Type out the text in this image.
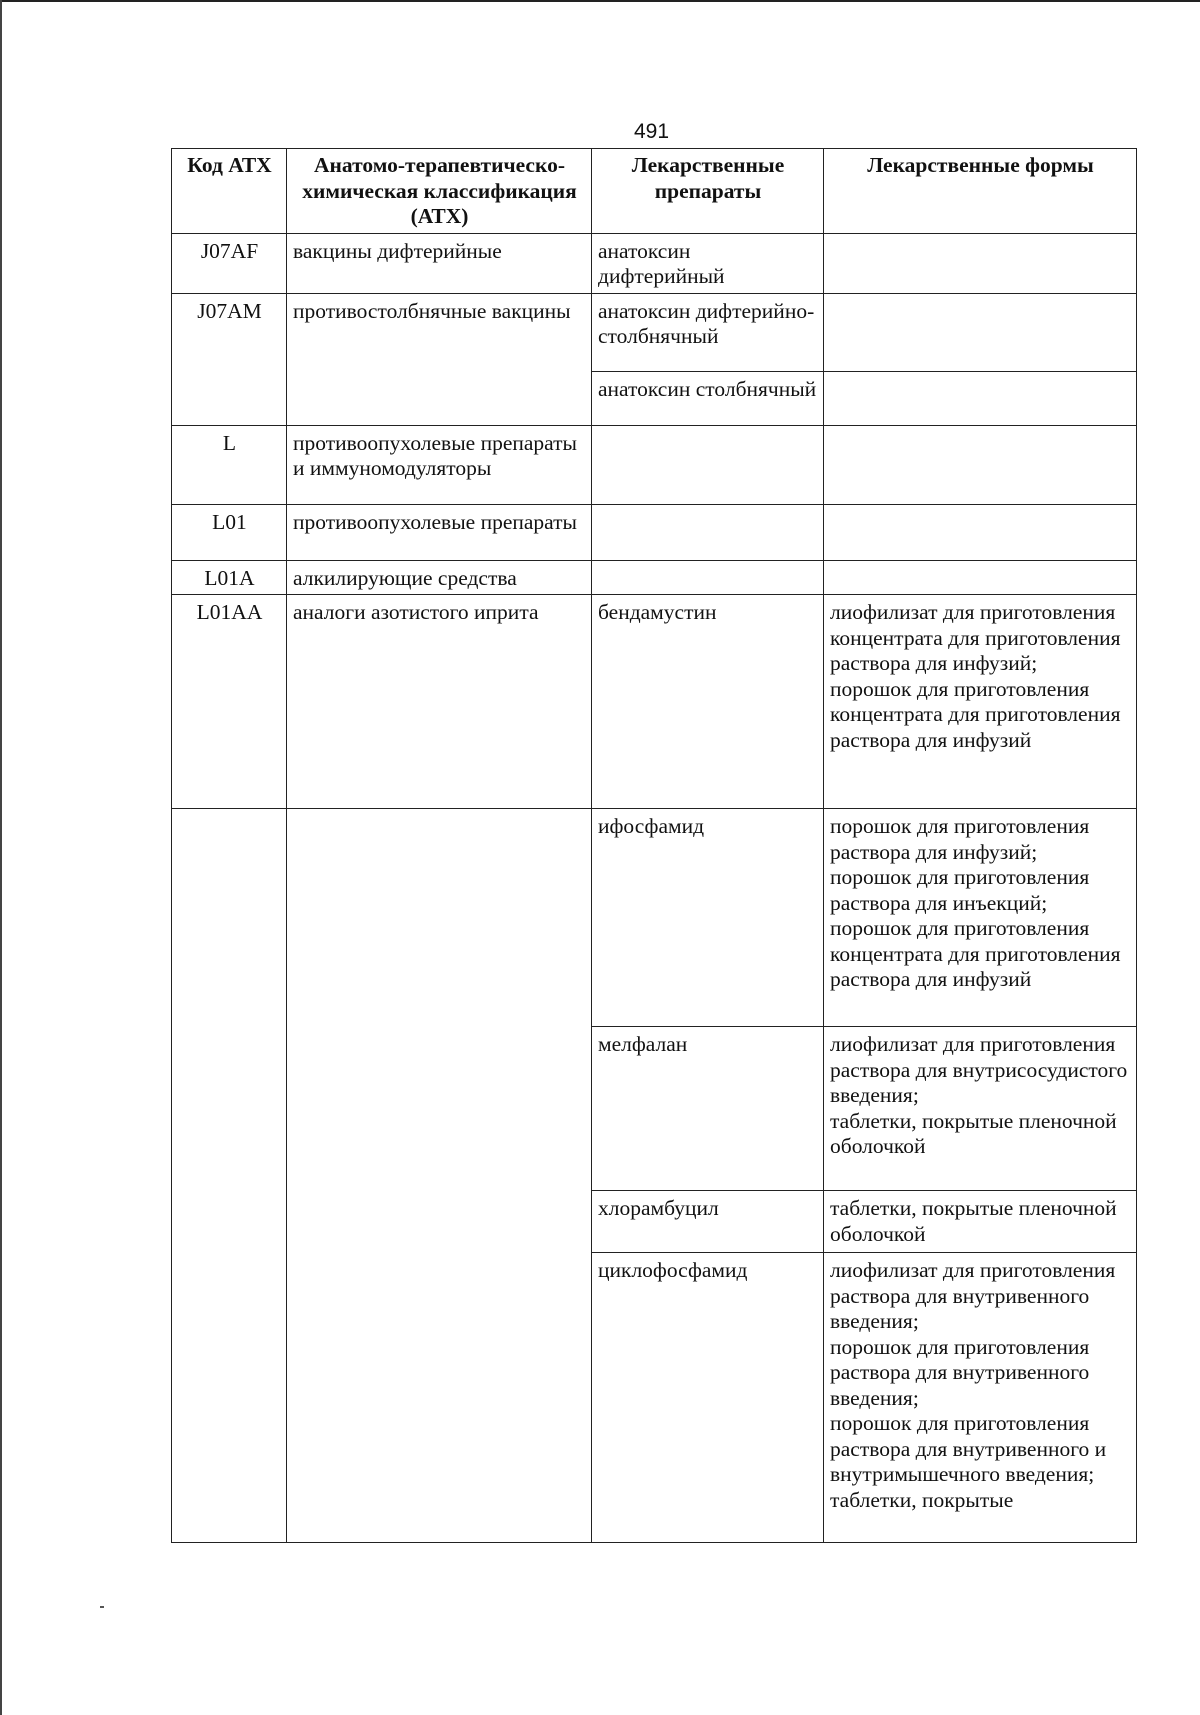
491
Код АТХ	Анатомо-терапевтическо-химическая классификация (АТХ)	Лекарственные препараты	Лекарственные формы
J07AF	вакцины дифтерийные	анатоксин дифтерийный	
J07AM	противостолбнячные вакцины	анатоксин дифтерийно-столбнячный	
		анатоксин столбнячный	
L	противоопухолевые препараты и иммуномодуляторы		
L01	противоопухолевые препараты		
L01A	алкилирующие средства		
L01AA	аналоги азотистого иприта	бендамустин	лиофилизат для приготовления концентрата для приготовления раствора для инфузий;
порошок для приготовления концентрата для приготовления раствора для инфузий
		ифосфамид	порошок для приготовления раствора для инфузий;
порошок для приготовления раствора для инъекций;
порошок для приготовления концентрата для приготовления раствора для инфузий
		мелфалан	лиофилизат для приготовления раствора для внутрисосудистого введения;
таблетки, покрытые пленочной оболочкой
		хлорамбуцил	таблетки, покрытые пленочной оболочкой
		циклофосфамид	лиофилизат для приготовления раствора для внутривенного введения;
порошок для приготовления раствора для внутривенного введения;
порошок для приготовления раствора для внутривенного и внутримышечного введения;
таблетки, покрытые
